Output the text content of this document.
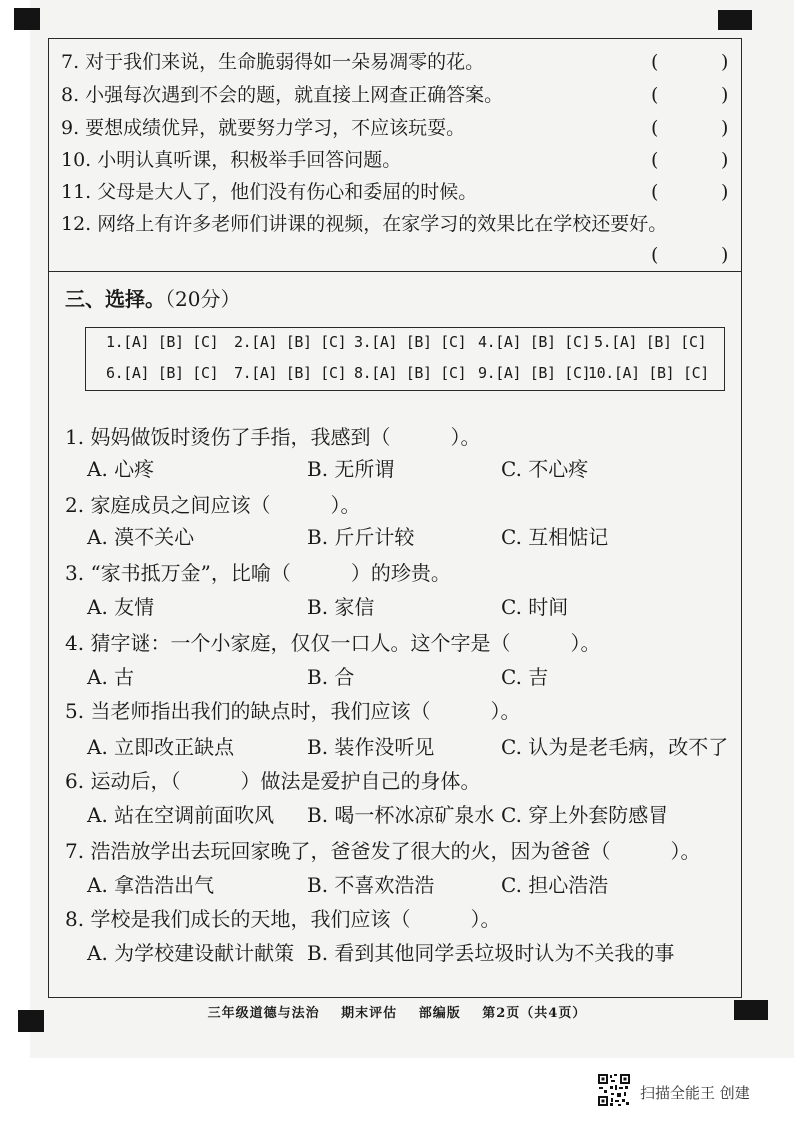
7. 对于我们来说，生命脆弱得如一朵易凋零的花。	(	)
8. 小强每次遇到不会的题，就直接上网查正确答案。	(	)
9. 要想成绩优异，就要努力学习，不应该玩耍。	(	)
10. 小明认真听课，积极举手回答问题。	(	)
11. 父母是大人了，他们没有伤心和委屈的时候。	(	)
12. 网络上有许多老师们讲课的视频，在家学习的效果比在学校还要好。
(	)
三、选择。（20分）
1.[A] [B] [C] 2.[A] [B] [C] 3.[A] [B] [C] 4.[A] [B] [C] 5.[A] [B] [C]
6.[A] [B] [C] 7.[A] [B] [C] 8.[A] [B] [C] 9.[A] [B] [C]
10.[A] [B] [C]
1. 妈妈做饭时烫伤了手指，我感到（　　　）。
A. 心疼	B. 无所谓	C. 不心疼
2. 家庭成员之间应该（　　　）。
A. 漠不关心	B. 斤斤计较	C. 互相惦记
3. “家书抵万金”，比喻（　　　）的珍贵。
A. 友情	B. 家信	C. 时间
4. 猜字谜：一个小家庭，仅仅一口人。这个字是（　　　）。
A. 古	B. 合	C. 吉
5. 当老师指出我们的缺点时，我们应该（　　　）。
A. 立即改正缺点	B. 装作没听见	C. 认为是老毛病，改不了
6. 运动后，（　　　）做法是爱护自己的身体。
A. 站在空调前面吹风 B. 喝一杯冰凉矿泉水 C. 穿上外套防感冒
7. 浩浩放学出去玩回家晚了，爸爸发了很大的火，因为爸爸（　　　）。
A. 拿浩浩出气	B. 不喜欢浩浩	C. 担心浩浩
8. 学校是我们成长的天地，我们应该（　　　）。
A. 为学校建设献计献策 B. 看到其他同学丢垃圾时认为不关我的事
三年级道德与法治 期末评估 部编版 第2页（共4页）
扫描全能王 创建
